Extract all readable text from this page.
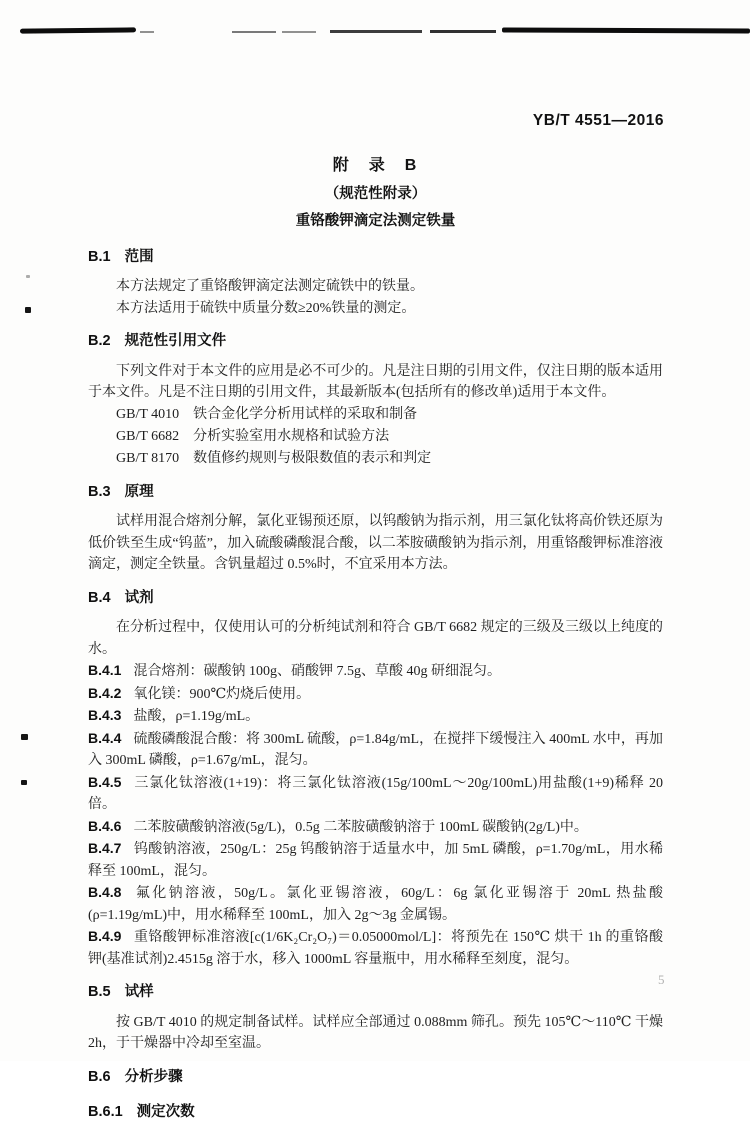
YB/T 4551—2016
5
附　录　B
（规范性附录）
重铬酸钾滴定法测定铁量
B.1 范围

本方法规定了重铬酸钾滴定法测定硫铁中的铁量。

本方法适用于硫铁中质量分数≥20%铁量的测定。

B.2 规范性引用文件

下列文件对于本文件的应用是必不可少的。凡是注日期的引用文件，仅注日期的版本适用于本文件。凡是不注日期的引用文件，其最新版本(包括所有的修改单)适用于本文件。

GB/T 4010　铁合金化学分析用试样的采取和制备
GB/T 6682　分析实验室用水规格和试验方法
GB/T 8170　数值修约规则与极限数值的表示和判定
B.3 原理

试样用混合熔剂分解，氯化亚锡预还原，以钨酸钠为指示剂，用三氯化钛将高价铁还原为低价铁至生成“钨蓝”，加入硫酸磷酸混合酸，以二苯胺磺酸钠为指示剂，用重铬酸钾标准溶液滴定，测定全铁量。含钒量超过 0.5%时，不宜采用本方法。

B.4 试剂

在分析过程中，仅使用认可的分析纯试剂和符合 GB/T 6682 规定的三级及三级以上纯度的水。

B.4.1 混合熔剂：碳酸钠 100g、硝酸钾 7.5g、草酸 40g 研细混匀。

B.4.2 氧化镁：900℃灼烧后使用。

B.4.3 盐酸，ρ=1.19g/mL。

B.4.4 硫酸磷酸混合酸：将 300mL 硫酸，ρ=1.84g/mL，在搅拌下缓慢注入 400mL 水中，再加入 300mL 磷酸，ρ=1.67g/mL，混匀。

B.4.5 三氯化钛溶液(1+19)：将三氯化钛溶液(15g/100mL～20g/100mL)用盐酸(1+9)稀释 20 倍。

B.4.6 二苯胺磺酸钠溶液(5g/L)，0.5g 二苯胺磺酸钠溶于 100mL 碳酸钠(2g/L)中。

B.4.7 钨酸钠溶液，250g/L：25g 钨酸钠溶于适量水中，加 5mL 磷酸，ρ=1.70g/mL，用水稀释至 100mL，混匀。

B.4.8 氟化钠溶液，50g/L。氯化亚锡溶液，60g/L：6g 氯化亚锡溶于 20mL 热盐酸(ρ=1.19g/mL)中，用水稀释至 100mL，加入 2g～3g 金属锡。

B.4.9 重铬酸钾标准溶液[c(1/6K₂Cr₂O₇)＝0.05000mol/L]：将预先在 150℃ 烘干 1h 的重铬酸钾(基准试剂)2.4515g 溶于水，移入 1000mL 容量瓶中，用水稀释至刻度，混匀。

B.5 试样

按 GB/T 4010 的规定制备试样。试样应全部通过 0.088mm 筛孔。预先 105℃～110℃ 干燥 2h，于干燥器中冷却至室温。

B.6 分析步骤
B.6.1 测定次数
